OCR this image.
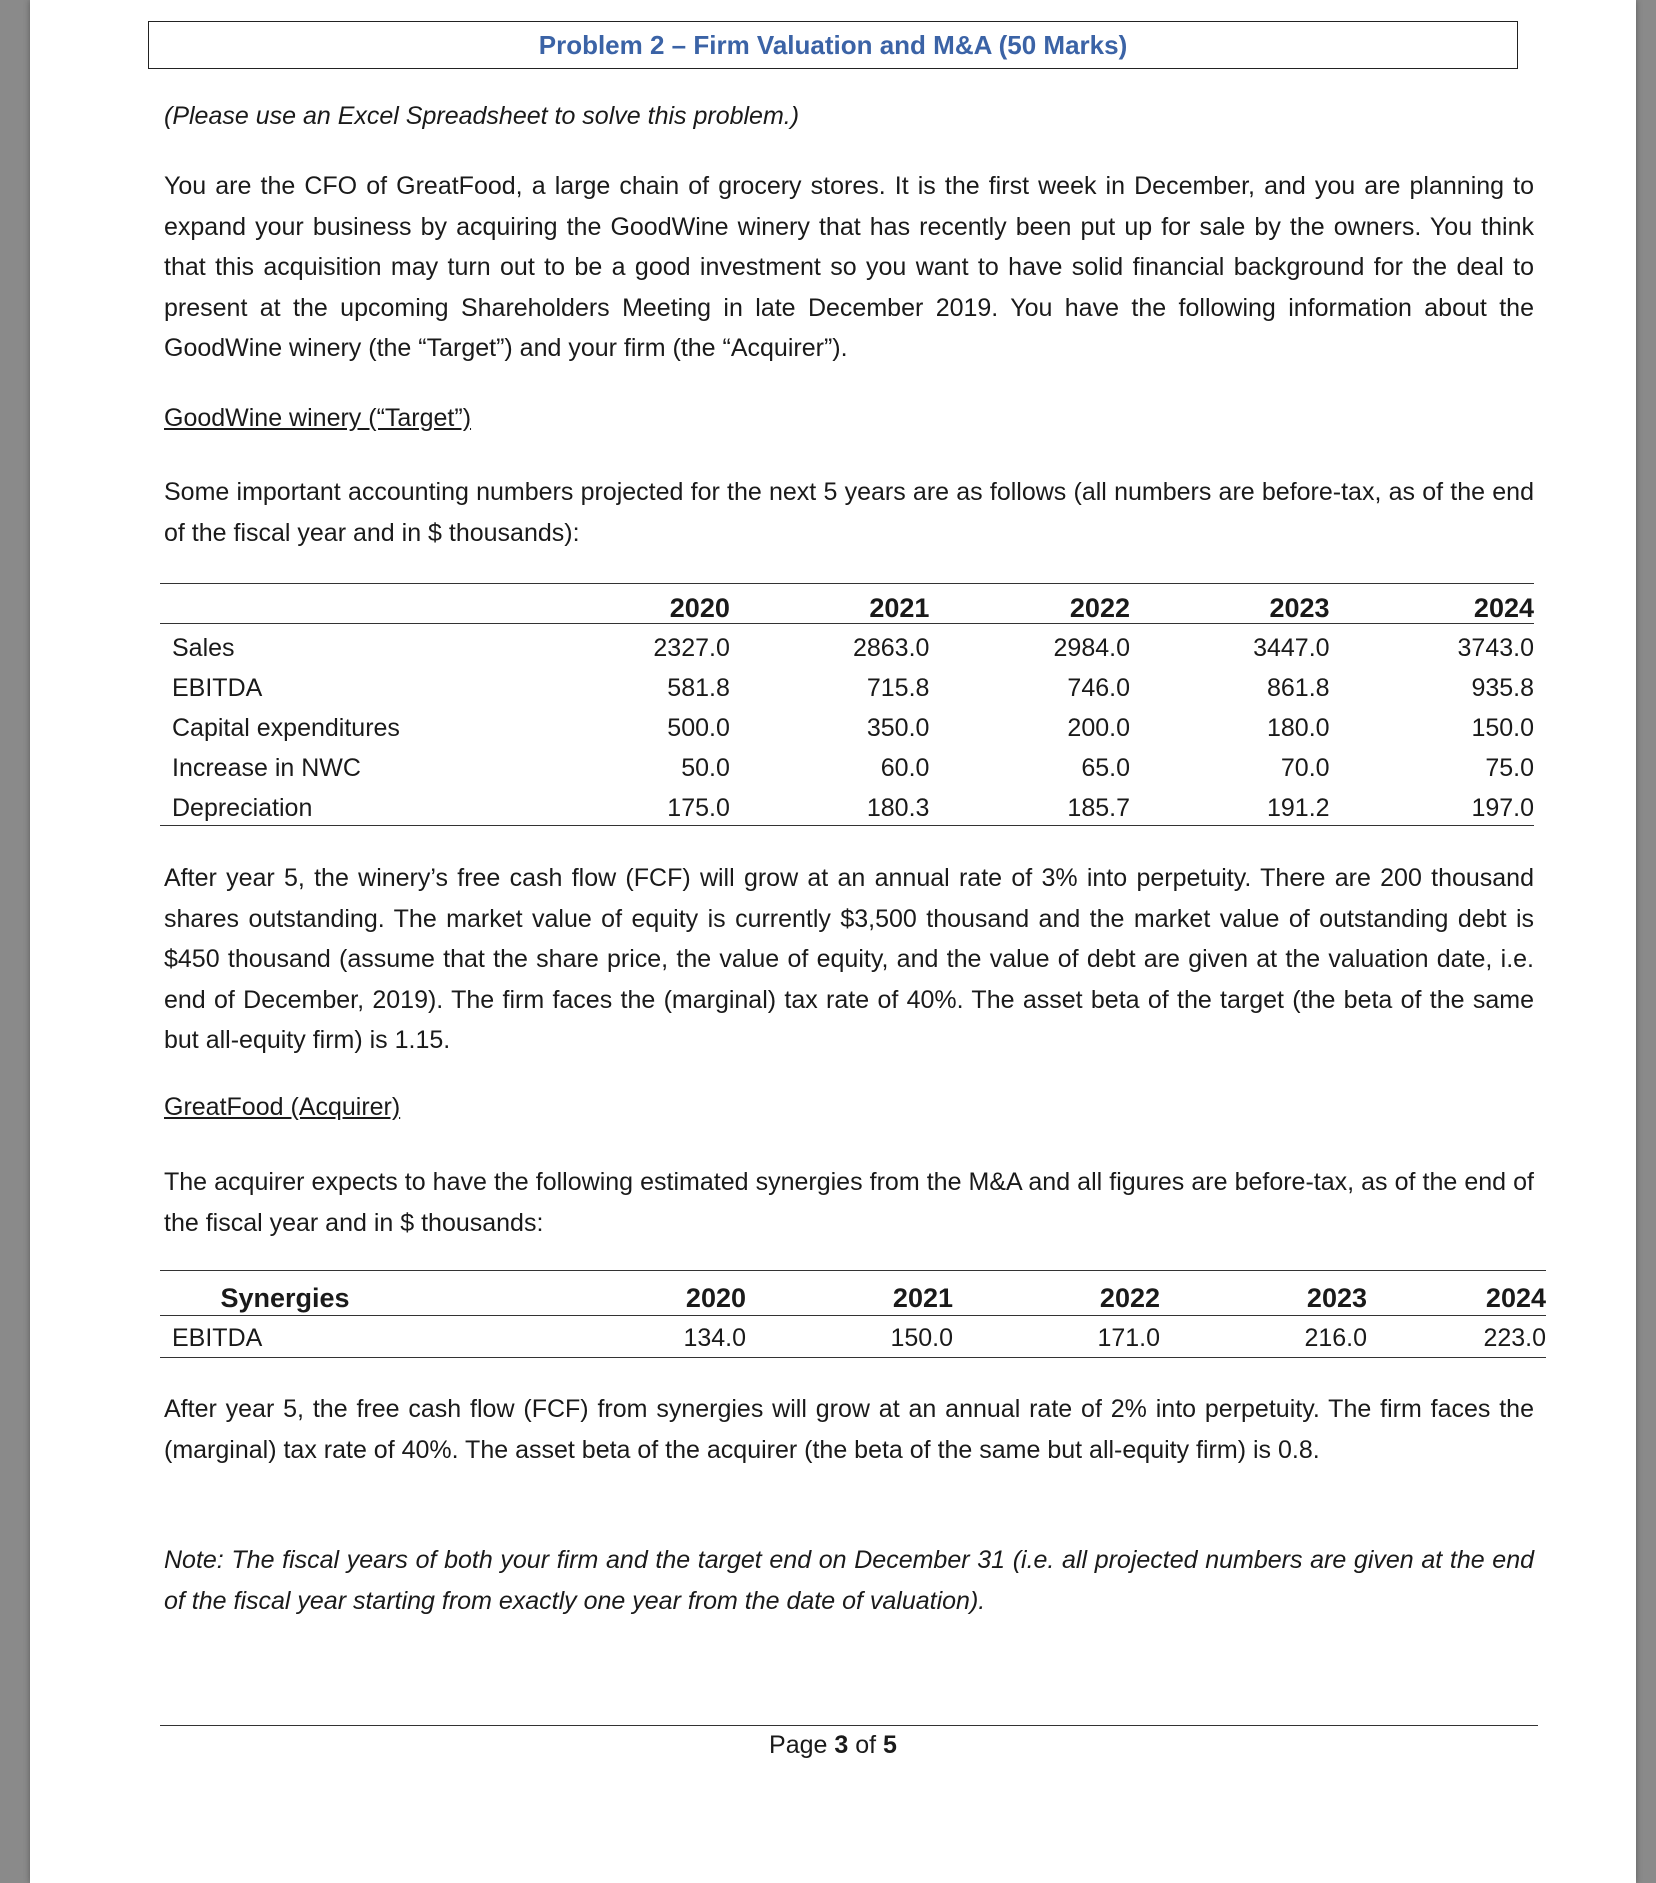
Problem 2 – Firm Valuation and M&A (50 Marks)
(Please use an Excel Spreadsheet to solve this problem.)
You are the CFO of GreatFood, a large chain of grocery stores. It is the first week in December, and you are planning to expand your business by acquiring the GoodWine winery that has recently been put up for sale by the owners. You think that this acquisition may turn out to be a good investment so you want to have solid financial background for the deal to present at the upcoming Shareholders Meeting in late December 2019. You have the following information about the GoodWine winery (the “Target”) and your firm (the “Acquirer”).
GoodWine winery (“Target”)
Some important accounting numbers projected for the next 5 years are as follows (all numbers are before-tax, as of the end of the fiscal year and in $ thousands):
	2020	2021	2022	2023	2024
Sales	2327.0	2863.0	2984.0	3447.0	3743.0
EBITDA	581.8	715.8	746.0	861.8	935.8
Capital expenditures	500.0	350.0	200.0	180.0	150.0
Increase in NWC	50.0	60.0	65.0	70.0	75.0
Depreciation	175.0	180.3	185.7	191.2	197.0
After year 5, the winery’s free cash flow (FCF) will grow at an annual rate of 3% into perpetuity. There are 200 thousand shares outstanding. The market value of equity is currently $3,500 thousand and the market value of outstanding debt is $450 thousand (assume that the share price, the value of equity, and the value of debt are given at the valuation date, i.e. end of December, 2019). The firm faces the (marginal) tax rate of 40%. The asset beta of the target (the beta of the same but all-equity firm) is 1.15.
GreatFood (Acquirer)
The acquirer expects to have the following estimated synergies from the M&A and all figures are before-tax, as of the end of the fiscal year and in $ thousands:
Synergies	2020	2021	2022	2023	2024
EBITDA	134.0	150.0	171.0	216.0	223.0
After year 5, the free cash flow (FCF) from synergies will grow at an annual rate of 2% into perpetuity. The firm faces the (marginal) tax rate of 40%. The asset beta of the acquirer (the beta of the same but all-equity firm) is 0.8.
Note: The fiscal years of both your firm and the target end on December 31 (i.e. all projected numbers are given at the end of the fiscal year starting from exactly one year from the date of valuation).
Page 3 of 5
